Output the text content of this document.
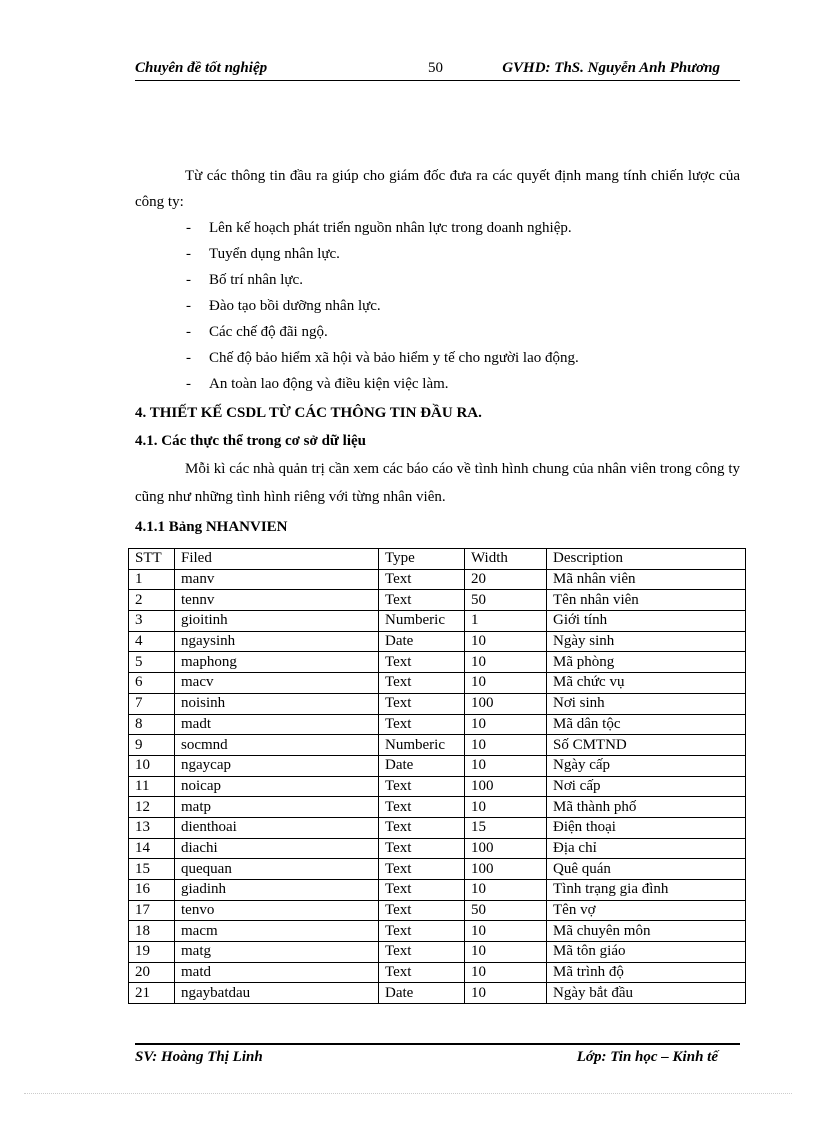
Chuyên đề tốt nghiệp	50	GVHD: ThS. Nguyễn Anh Phương

Từ các thông tin đầu ra giúp cho giám đốc đưa ra các quyết định mang tính chiến lược của công ty:

- Lên kế hoạch phát triển nguồn nhân lực trong doanh nghiệp.
- Tuyển dụng nhân lực.
- Bố trí nhân lực.
- Đào tạo bồi dưỡng nhân lực.
- Các chế độ đãi ngộ.
- Chế độ bảo hiểm xã hội và bảo hiểm y tế cho người lao động.
- An toàn lao động và điều kiện việc làm.

4. THIẾT KẾ CSDL TỪ CÁC THÔNG TIN ĐẦU RA.

4.1. Các thực thể trong cơ sở dữ liệu

Mỗi kì các nhà quản trị cần xem các báo cáo về tình hình chung của nhân viên trong công ty cũng như những tình hình riêng với từng nhân viên.

4.1.1 Bảng NHANVIEN

STT	Filed	Type	Width	Description
1	manv	Text	20	Mã nhân viên
2	tennv	Text	50	Tên nhân viên
3	gioitinh	Numberic	1	Giới tính
4	ngaysinh	Date	10	Ngày sinh
5	maphong	Text	10	Mã phòng
6	macv	Text	10	Mã chức vụ
7	noisinh	Text	100	Nơi sinh
8	madt	Text	10	Mã dân tộc
9	socmnd	Numberic	10	Số CMTND
10	ngaycap	Date	10	Ngày cấp
11	noicap	Text	100	Nơi cấp
12	matp	Text	10	Mã thành phố
13	dienthoai	Text	15	Điện thoại
14	diachi	Text	100	Địa chỉ
15	quequan	Text	100	Quê quán
16	giadinh	Text	10	Tình trạng gia đình
17	tenvo	Text	50	Tên vợ
18	macm	Text	10	Mã chuyên môn
19	matg	Text	10	Mã tôn giáo
20	matd	Text	10	Mã trình độ
21	ngaybatdau	Date	10	Ngày bắt đầu
SV: Hoàng Thị Linh	Lớp: Tin học – Kinh tế
